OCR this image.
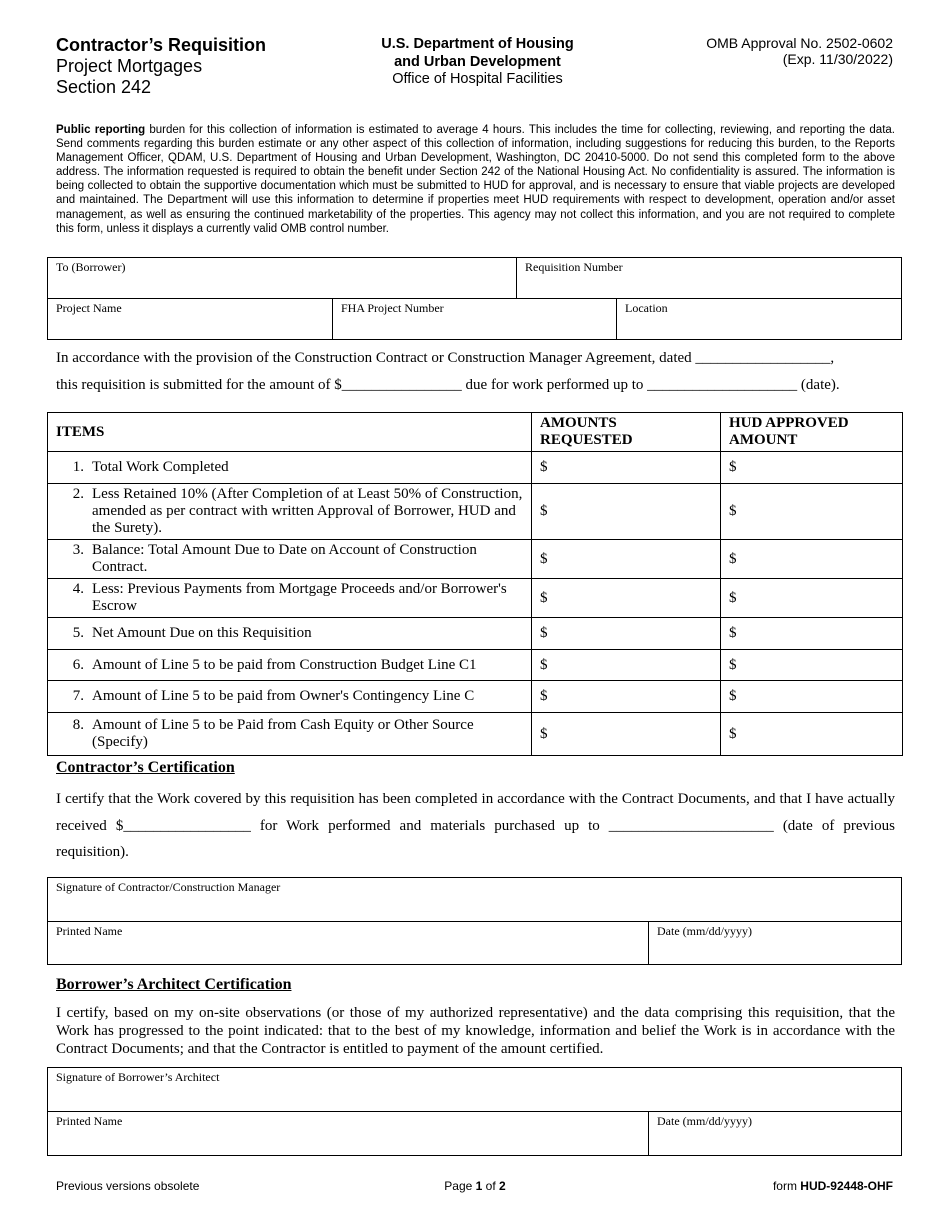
Contractor’s Requisition
Project Mortgages
Section 242
U.S. Department of Housing
and Urban Development
Office of Hospital Facilities
OMB Approval No. 2502-0602
(Exp. 11/30/2022)
Public reporting burden for this collection of information is estimated to average 4 hours. This includes the time for collecting, reviewing, and reporting the data. Send comments regarding this burden estimate or any other aspect of this collection of information, including suggestions for reducing this burden, to the Reports Management Officer, QDAM, U.S. Department of Housing and Urban Development, Washington, DC 20410-5000. Do not send this completed form to the above address. The information requested is required to obtain the benefit under Section 242 of the National Housing Act. No confidentiality is assured. The information is being collected to obtain the supportive documentation which must be submitted to HUD for approval, and is necessary to ensure that viable projects are developed and maintained. The Department will use this information to determine if properties meet HUD requirements with respect to development, operation and/or asset management, as well as ensuring the continued marketability of the properties. This agency may not collect this information, and you are not required to complete this form, unless it displays a currently valid OMB control number.
To (Borrower)	Requisition Number
Project Name	FHA Project Number	Location
In accordance with the provision of the Construction Contract or Construction Manager Agreement, dated __________________,
this requisition is submitted for the amount of $________________ due for work performed up to ____________________ (date).
ITEMS	AMOUNTS REQUESTED	HUD APPROVED AMOUNT

1. Total Work Completed	$	$

2. Less Retained 10% (After Completion of at Least 50% of Construction, amended as per contract with written Approval of Borrower, HUD and the Surety).	$	$

3. Balance: Total Amount Due to Date on Account of Construction Contract.	$	$

4. Less: Previous Payments from Mortgage Proceeds and/or Borrower's Escrow	$	$

5. Net Amount Due on this Requisition	$	$

6. Amount of Line 5 to be paid from Construction Budget Line C1	$	$

7. Amount of Line 5 to be paid from Owner's Contingency Line C	$	$

8. Amount of Line 5 to be Paid from Cash Equity or Other Source (Specify)	$	$
Contractor’s Certification
I certify that the Work covered by this requisition has been completed in accordance with the Contract Documents, and that I have actually received $_________________ for Work performed and materials purchased up to ______________________ (date of previous requisition).
Signature of Contractor/Construction Manager
Printed Name	Date (mm/dd/yyyy)
Borrower’s Architect Certification
I certify, based on my on-site observations (or those of my authorized representative) and the data comprising this requisition, that the Work has progressed to the point indicated: that to the best of my knowledge, information and belief the Work is in accordance with the Contract Documents; and that the Contractor is entitled to payment of the amount certified.
Signature of Borrower’s Architect
Printed Name	Date (mm/dd/yyyy)
Previous versions obsolete	Page 1 of 2	form HUD-92448-OHF
